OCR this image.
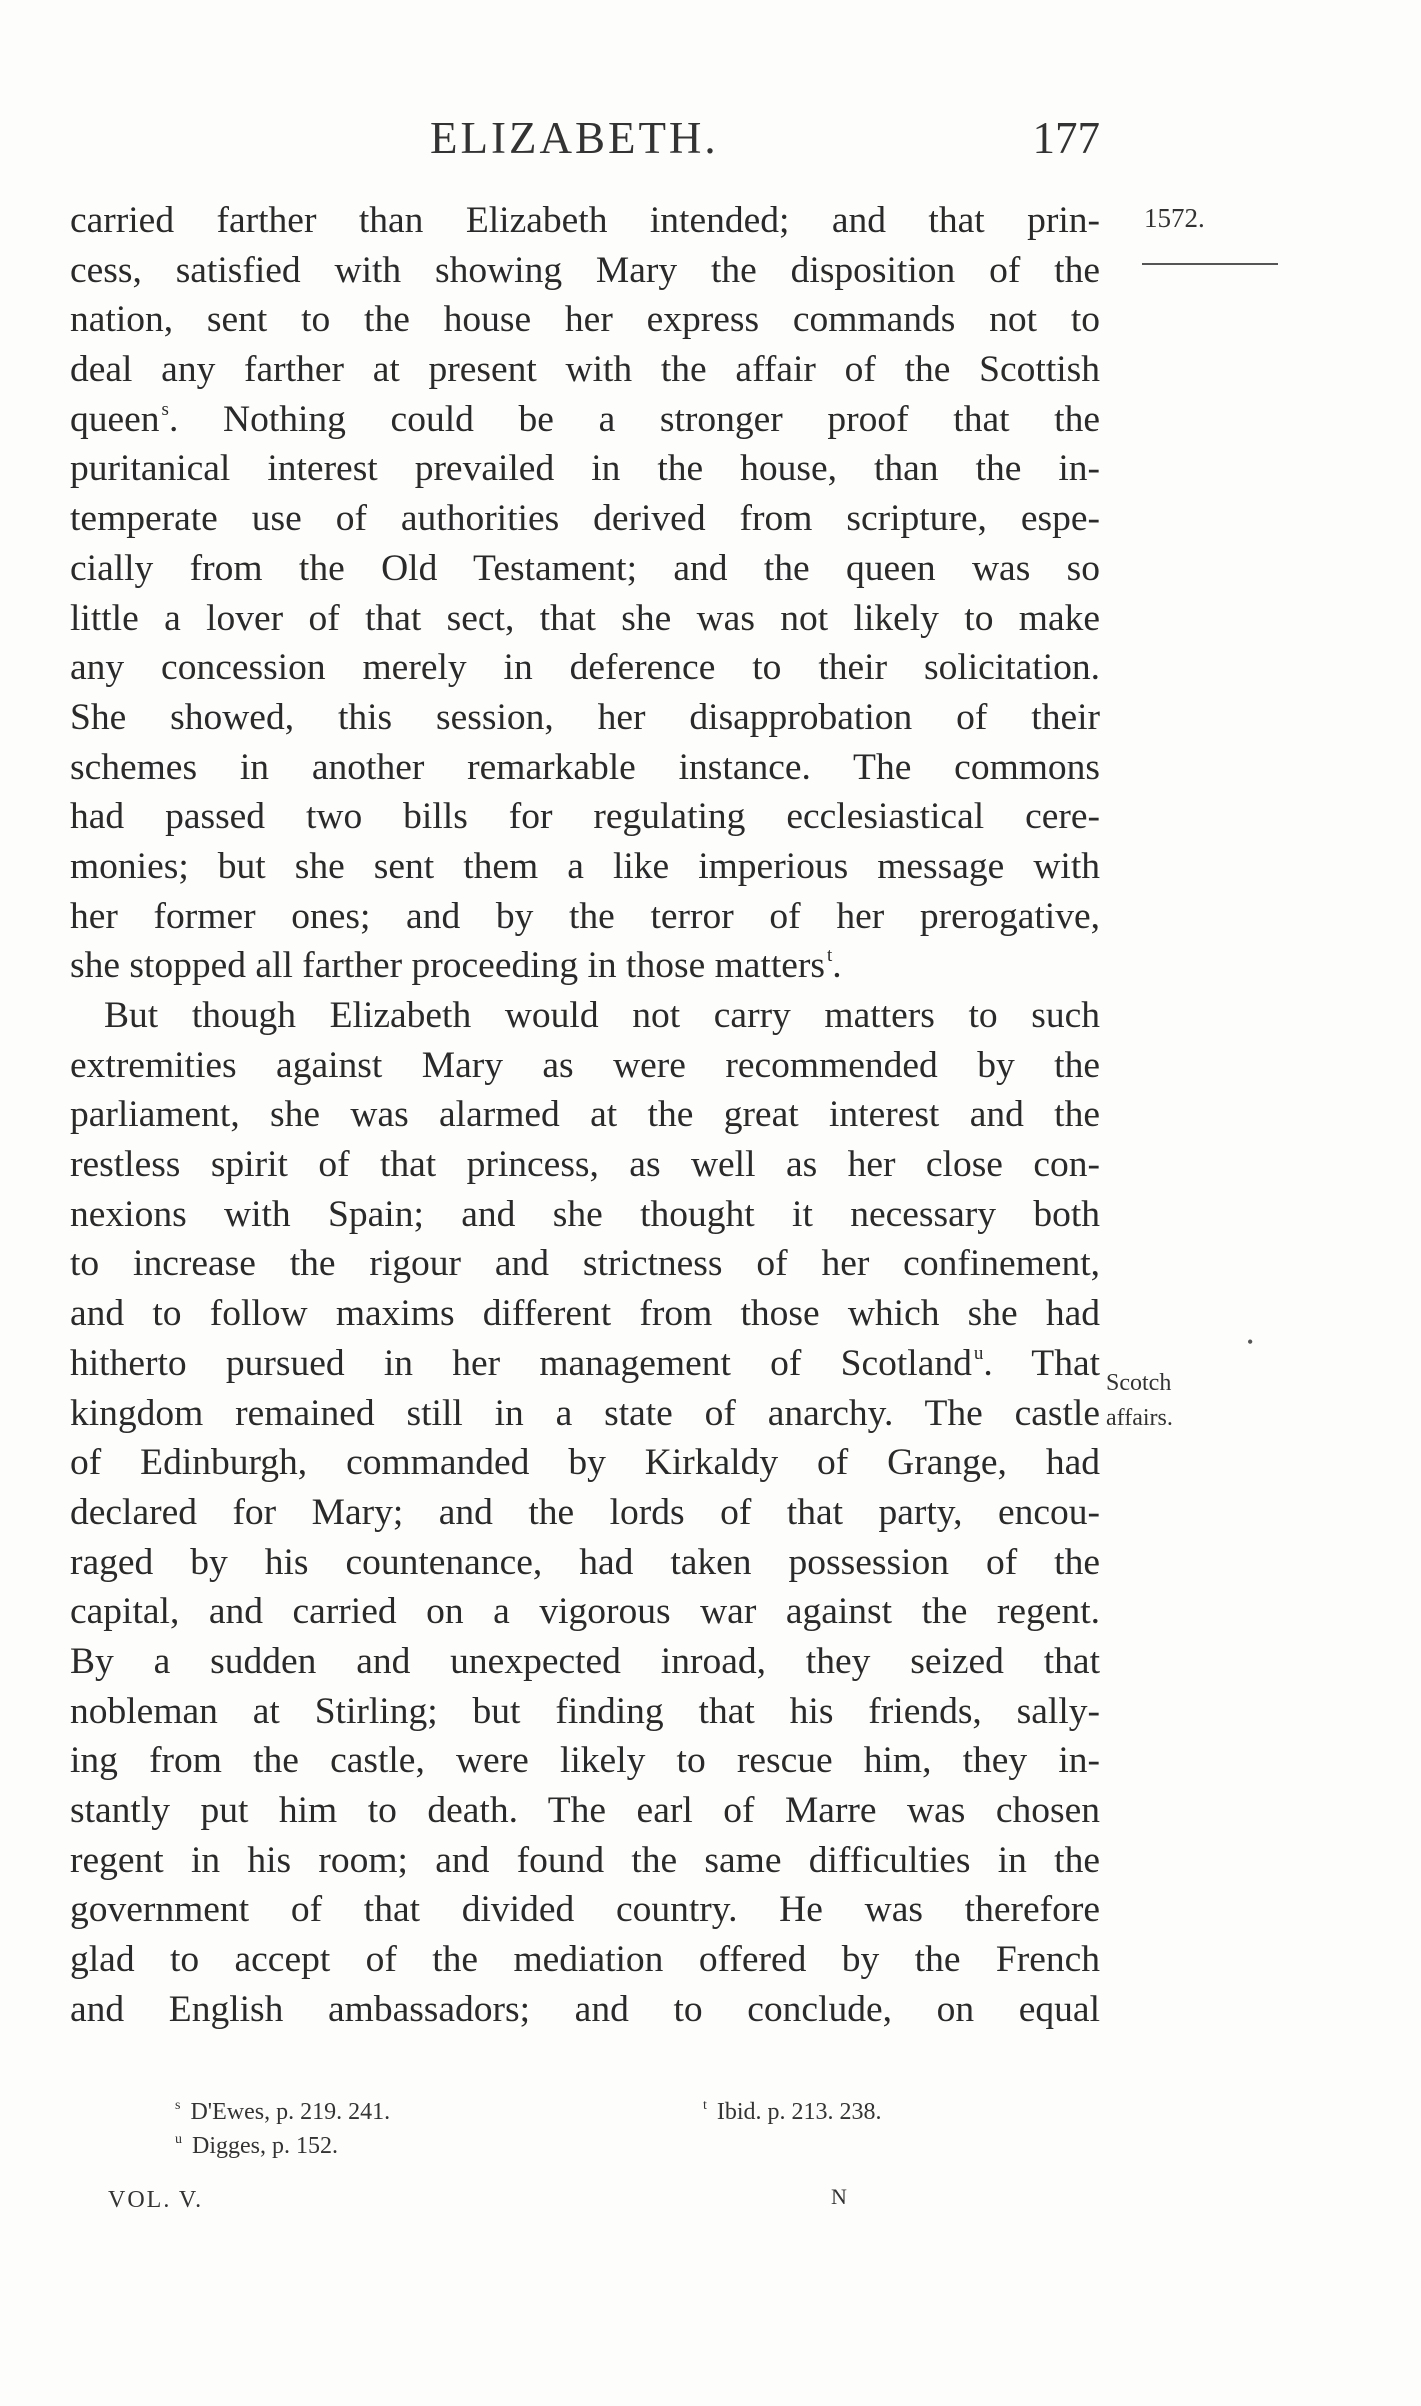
ELIZABETH.	177
1572.
•
Scotch
affairs.
carried farther than Elizabeth intended; and that prin-
cess, satisfied with showing Mary the disposition of the
nation, sent to the house her express commands not to
deal any farther at present with the affair of the Scottish
queen $^s$. Nothing could be a stronger proof that the
puritanical interest prevailed in the house, than the in-
temperate use of authorities derived from scripture, espe-
cially from the Old Testament; and the queen was so
little a lover of that sect, that she was not likely to make
any concession merely in deference to their solicitation.
She showed, this session, her disapprobation of their
schemes in another remarkable instance. The commons
had passed two bills for regulating ecclesiastical cere-
monies; but she sent them a like imperious message with
her former ones; and by the terror of her prerogative,
she stopped all farther proceeding in those matters $^t$.
But though Elizabeth would not carry matters to such
extremities against Mary as were recommended by the
parliament, she was alarmed at the great interest and the
restless spirit of that princess, as well as her close con-
nexions with Spain; and she thought it necessary both
to increase the rigour and strictness of her confinement,
and to follow maxims different from those which she had
hitherto pursued in her management of Scotland $^u$. That
kingdom remained still in a state of anarchy. The castle
of Edinburgh, commanded by Kirkaldy of Grange, had
declared for Mary; and the lords of that party, encou-
raged by his countenance, had taken possession of the
capital, and carried on a vigorous war against the regent.
By a sudden and unexpected inroad, they seized that
nobleman at Stirling; but finding that his friends, sally-
ing from the castle, were likely to rescue him, they in-
stantly put him to death. The earl of Marre was chosen
regent in his room; and found the same difficulties in the
government of that divided country. He was therefore
glad to accept of the mediation offered by the French
and English ambassadors; and to conclude, on equal
$^s$ D'Ewes, p. 219. 241.	$^t$ Ibid. p. 213. 238.
$^u$ Digges, p. 152.
VOL. V.	N
